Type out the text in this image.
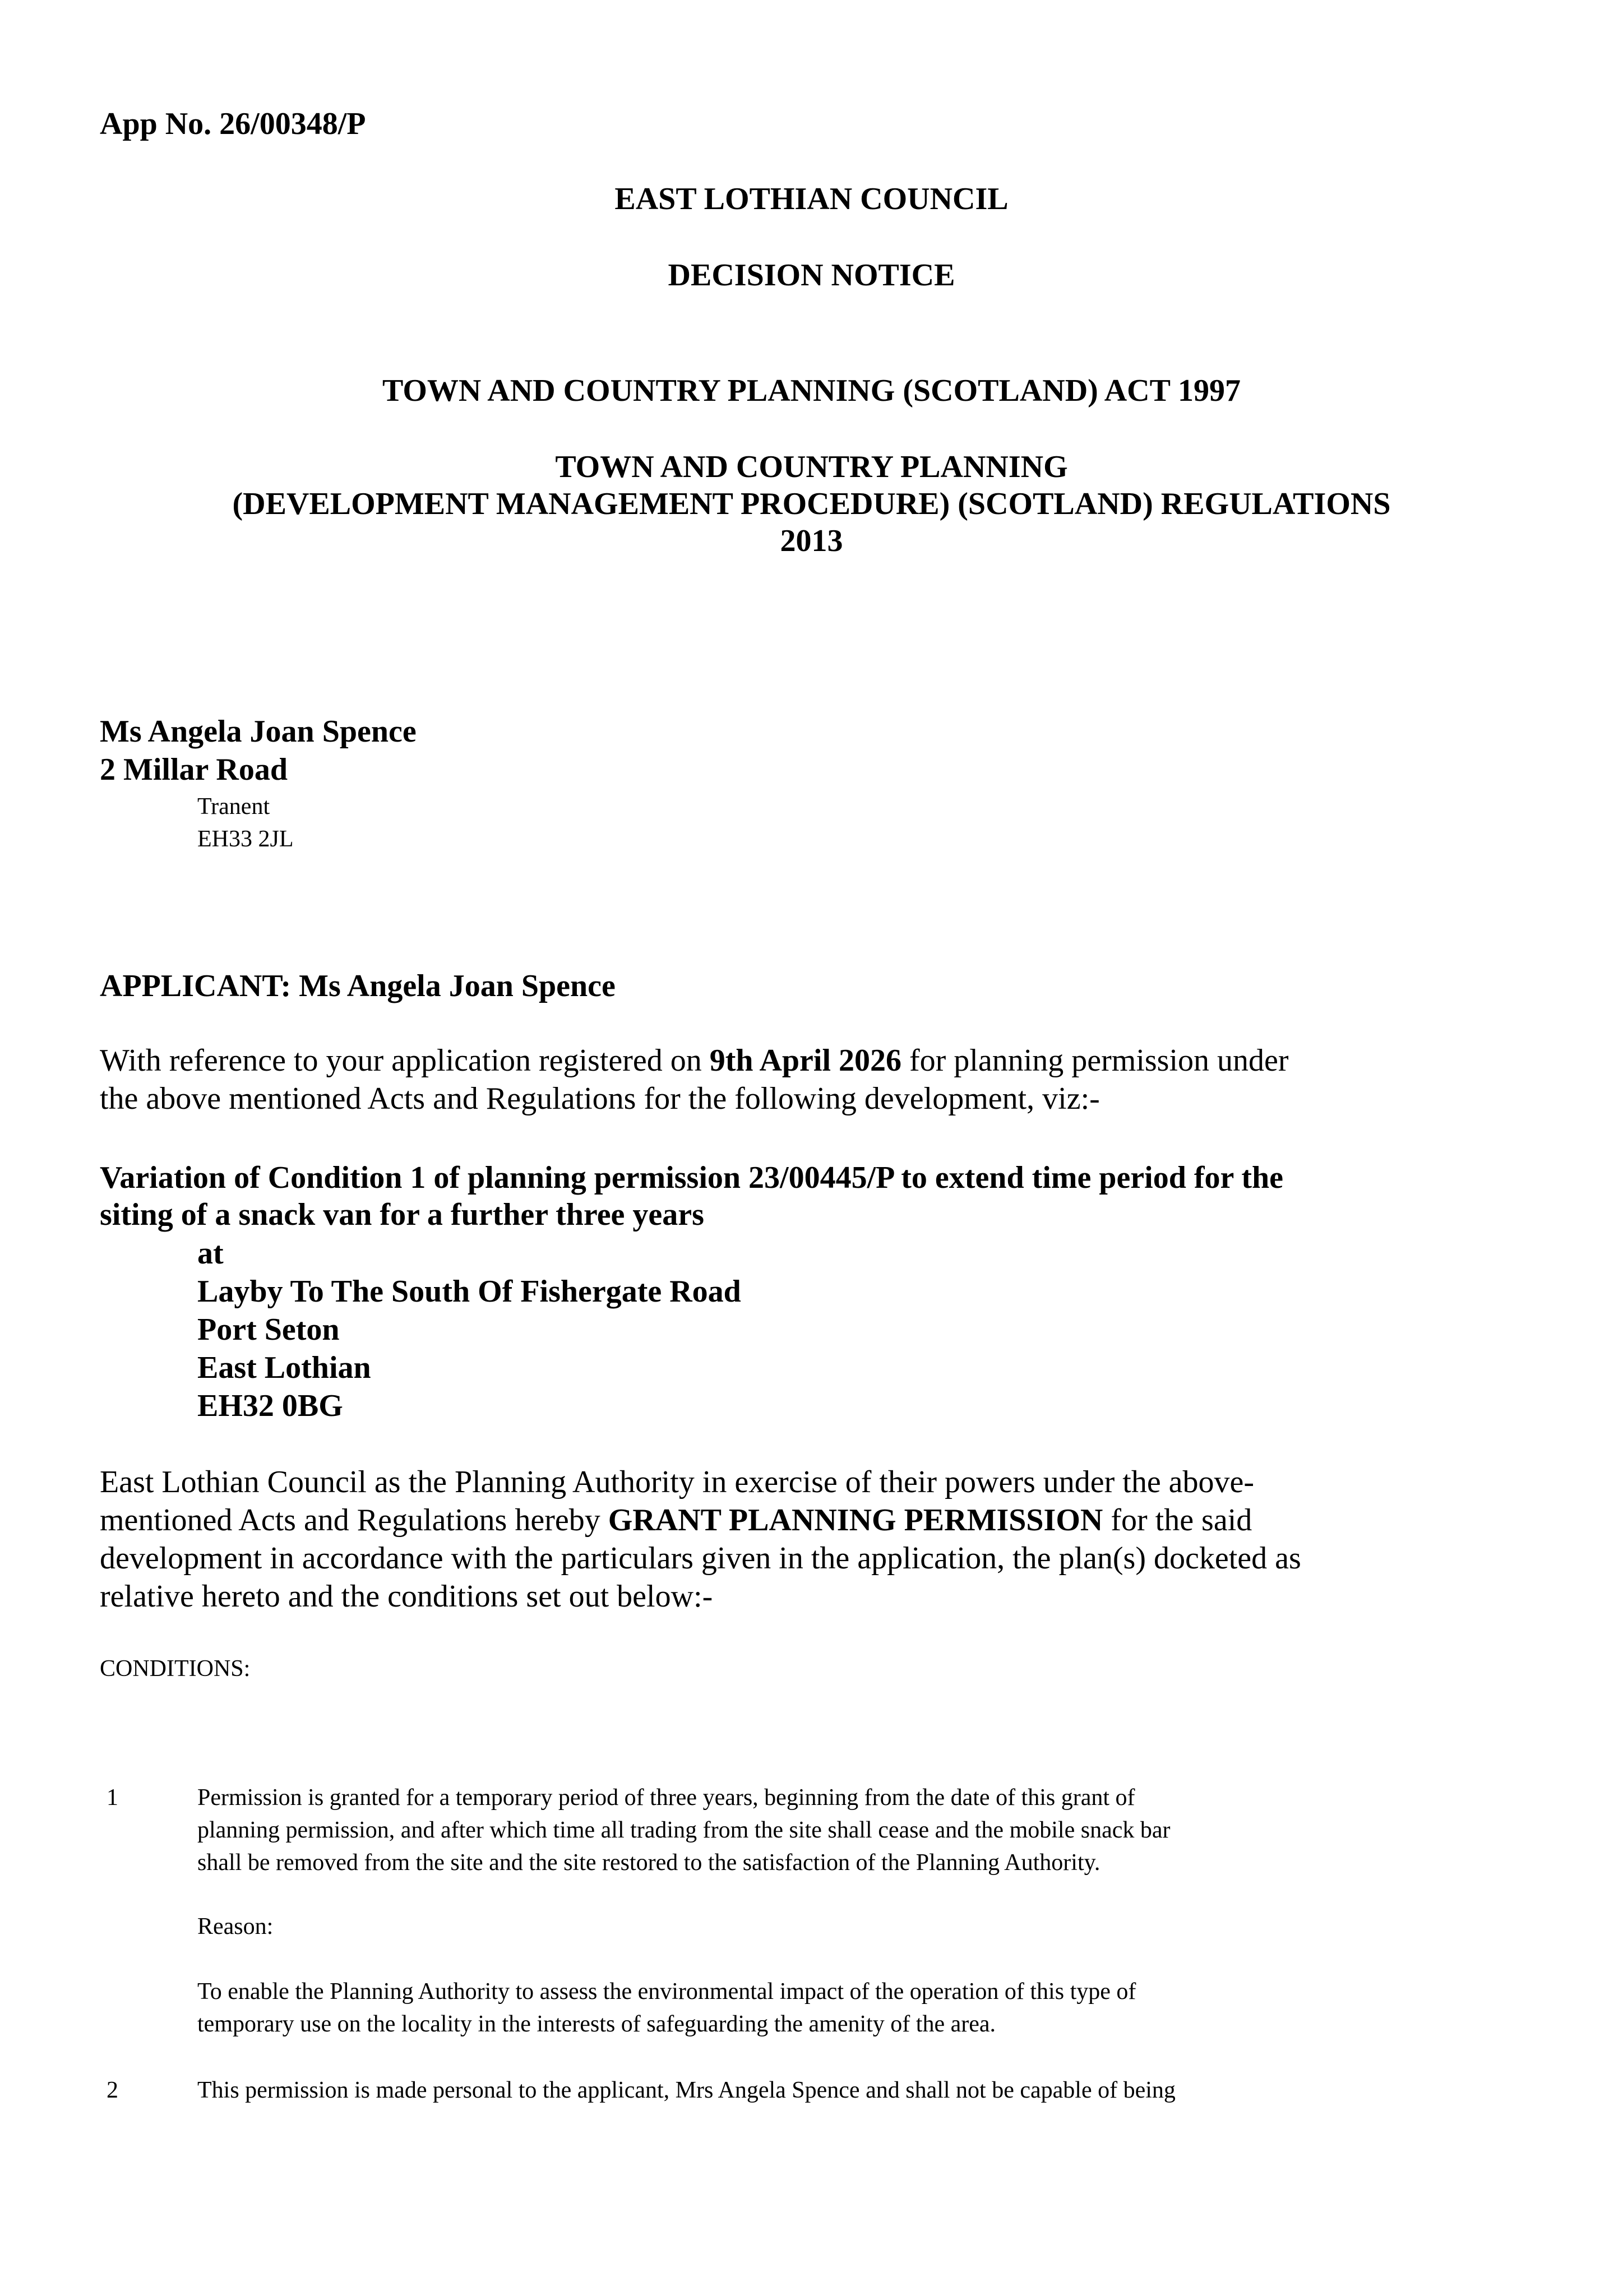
App No. 26/00348/P
EAST LOTHIAN COUNCIL
DECISION NOTICE
TOWN AND COUNTRY PLANNING (SCOTLAND) ACT 1997
TOWN AND COUNTRY PLANNING
(DEVELOPMENT MANAGEMENT PROCEDURE) (SCOTLAND) REGULATIONS
2013
Ms Angela Joan Spence
2 Millar Road
Tranent
EH33 2JL
APPLICANT: Ms Angela Joan Spence
With reference to your application registered on 9th April 2026 for planning permission under
the above mentioned Acts and Regulations for the following development, viz:-
Variation of Condition 1 of planning permission 23/00445/P to extend time period for the
siting of a snack van for a further three years
at
Layby To The South Of Fishergate Road
Port Seton
East Lothian
EH32 0BG
East Lothian Council as the Planning Authority in exercise of their powers under the above-
mentioned Acts and Regulations hereby GRANT PLANNING PERMISSION for the said
development in accordance with the particulars given in the application, the plan(s) docketed as
relative hereto and the conditions set out below:-
CONDITIONS:
1	Permission is granted for a temporary period of three years, beginning from the date of this grant of
planning permission, and after which time all trading from the site shall cease and the mobile snack bar
shall be removed from the site and the site restored to the satisfaction of the Planning Authority.
Reason:
To enable the Planning Authority to assess the environmental impact of the operation of this type of
temporary use on the locality in the interests of safeguarding the amenity of the area.
2	This permission is made personal to the applicant, Mrs Angela Spence and shall not be capable of being
